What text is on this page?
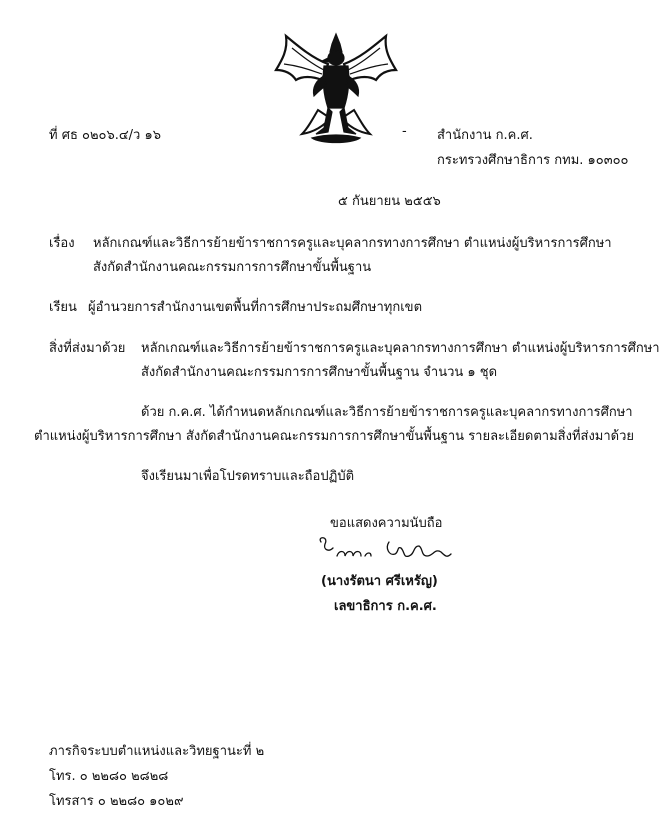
ที่ ศธ ๐๒๐๖.๔/ว ๑๖	- สำนักงาน ก.ค.ศ.
กระทรวงศึกษาธิการ กทม. ๑๐๓๐๐
๕ กันยายน ๒๕๕๖
เรื่อง หลักเกณฑ์และวิธีการย้ายข้าราชการครูและบุคลากรทางการศึกษา ตำแหน่งผู้บริหารการศึกษา
สังกัดสำนักงานคณะกรรมการการศึกษาขั้นพื้นฐาน
เรียน ผู้อำนวยการสำนักงานเขตพื้นที่การศึกษาประถมศึกษาทุกเขต
สิ่งที่ส่งมาด้วย หลักเกณฑ์และวิธีการย้ายข้าราชการครูและบุคลากรทางการศึกษา ตำแหน่งผู้บริหารการศึกษา
สังกัดสำนักงานคณะกรรมการการศึกษาขั้นพื้นฐาน จำนวน ๑ ชุด
ด้วย ก.ค.ศ. ได้กำหนดหลักเกณฑ์และวิธีการย้ายข้าราชการครูและบุคลากรทางการศึกษา
ตำแหน่งผู้บริหารการศึกษา สังกัดสำนักงานคณะกรรมการการศึกษาขั้นพื้นฐาน รายละเอียดตามสิ่งที่ส่งมาด้วย
จึงเรียนมาเพื่อโปรดทราบและถือปฏิบัติ
ขอแสดงความนับถือ
(นางรัตนา ศรีเหรัญ)
เลขาธิการ ก.ค.ศ.
ภารกิจระบบตำแหน่งและวิทยฐานะที่ ๒
โทร. ๐ ๒๒๘๐ ๒๘๒๘
โทรสาร ๐ ๒๒๘๐ ๑๐๒๙
